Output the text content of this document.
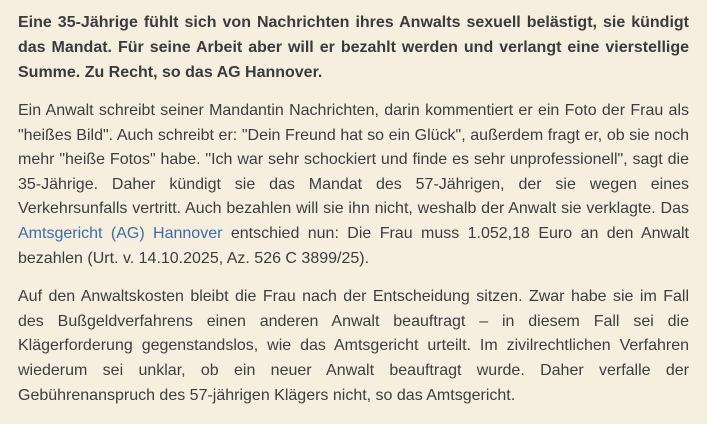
Eine 35-Jährige fühlt sich von Nachrichten ihres Anwalts sexuell belästigt, sie kündigt das Mandat. Für seine Arbeit aber will er bezahlt werden und verlangt eine vierstellige Summe. Zu Recht, so das AG Hannover.

Ein Anwalt schreibt seiner Mandantin Nachrichten, darin kommentiert er ein Foto der Frau als "heißes Bild". Auch schreibt er: "Dein Freund hat so ein Glück", außerdem fragt er, ob sie noch mehr "heiße Fotos" habe. "Ich war sehr schockiert und finde es sehr unprofessionell", sagt die 35-Jährige. Daher kündigt sie das Mandat des 57-Jährigen, der sie wegen eines Verkehrsunfalls vertritt. Auch bezahlen will sie ihn nicht, weshalb der Anwalt sie verklagte. Das Amtsgericht (AG) Hannover entschied nun: Die Frau muss 1.052,18 Euro an den Anwalt bezahlen (Urt. v. 14.10.2025, Az. 526 C 3899/25).

Auf den Anwaltskosten bleibt die Frau nach der Entscheidung sitzen. Zwar habe sie im Fall des Bußgeldverfahrens einen anderen Anwalt beauftragt – in diesem Fall sei die Klägerforderung gegenstandslos, wie das Amtsgericht urteilt. Im zivilrechtlichen Verfahren wiederum sei unklar, ob ein neuer Anwalt beauftragt wurde. Daher verfalle der Gebührenanspruch des 57-jährigen Klägers nicht, so das Amtsgericht.
